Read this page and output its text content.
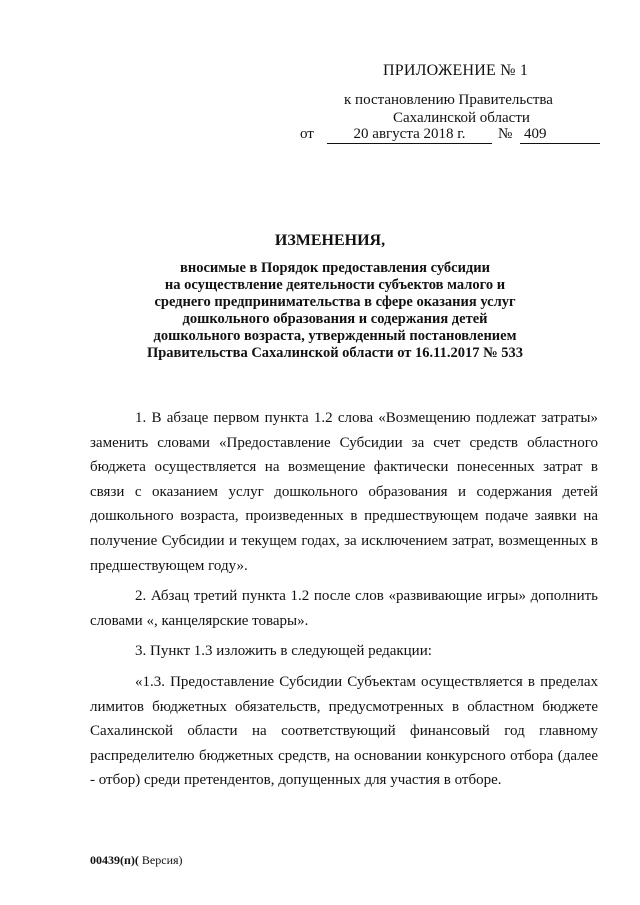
ПРИЛОЖЕНИЕ № 1
к постановлению Правительства
Сахалинской области
от	20 августа 2018 г.	№ 409
ИЗМЕНЕНИЯ,
вносимые в Порядок предоставления субсидии
на осуществление деятельности субъектов малого и
среднего предпринимательства в сфере оказания услуг
дошкольного образования и содержания детей
дошкольного возраста, утвержденный постановлением
Правительства Сахалинской области от 16.11.2017 № 533

1. В абзаце первом пункта 1.2 слова «Возмещению подлежат затраты» заменить словами «Предоставление Субсидии за счет средств областного бюджета осуществляется на возмещение фактически понесенных затрат в связи с оказанием услуг дошкольного образования и содержания детей дошкольного возраста, произведенных в предшествующем подаче заявки на получение Субсидии и текущем годах, за исключением затрат, возмещенных в предшествующем году».

2. Абзац третий пункта 1.2 после слов «развивающие игры» дополнить словами «, канцелярские товары».

3. Пункт 1.3 изложить в следующей редакции:

«1.3. Предоставление Субсидии Субъектам осуществляется в пределах лимитов бюджетных обязательств, предусмотренных в областном бюджете Сахалинской области на соответствующий финансовый год главному распределителю бюджетных средств, на основании конкурсного отбора (далее - отбор) среди претендентов, допущенных для участия в отборе.

00439(п)( Версия)
